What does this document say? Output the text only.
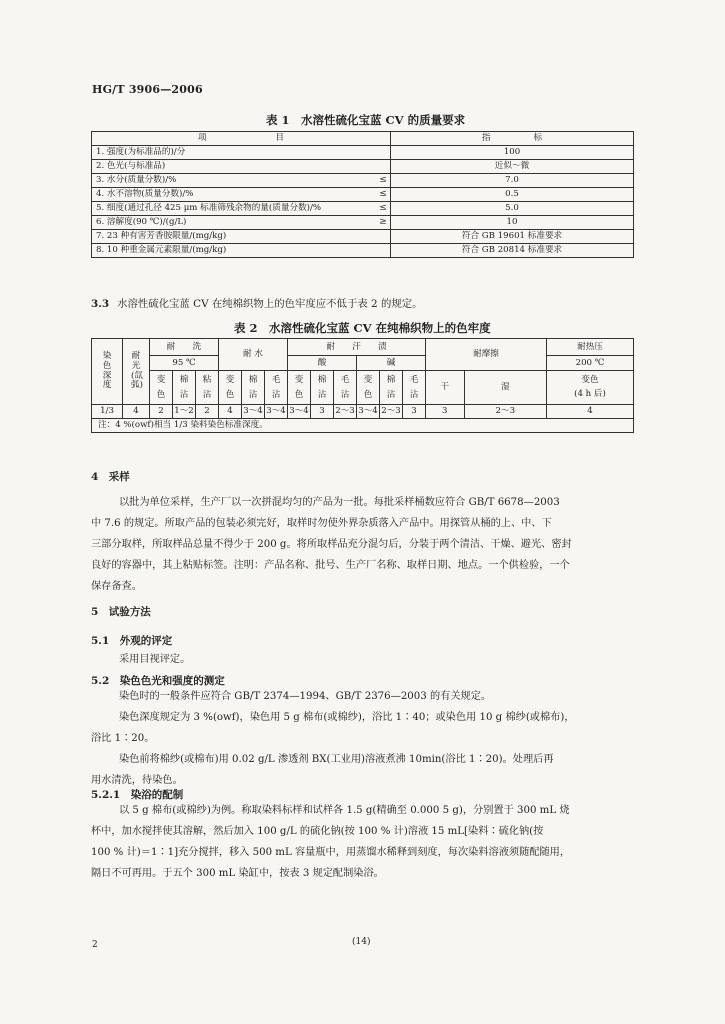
HG/T 3906—2006
表 1　水溶性硫化宝蓝 CV 的质量要求
项　　　　　　　　目		指　　　　　标
1. 强度(为标准品的)/分		100
2. 色光(与标准品)		近似～微
3. 水分(质量分数)/%	≤	7.0
4. 水不溶物(质量分数)/%	≤	0.5
5. 细度(通过孔径 425 μm 标准筛残余物的量(质量分数)/%	≤	5.0
6. 溶解度(90 ℃)/(g/L)	≥	10
7. 23 种有害芳香胺限量/(mg/kg)		符合 GB 19601 标准要求
8. 10 种重金属元素限量/(mg/kg)		符合 GB 20814 标准要求
3.3 水溶性硫化宝蓝 CV 在纯棉织物上的色牢度应不低于表 2 的规定。
表 2　水溶性硫化宝蓝 CV 在纯棉织物上的色牢度
染色深度	耐光(氙弧)	耐　　洗			耐 水			耐　　汗　　渍						耐摩擦		耐热压
		95 ℃						酸			碱					200 ℃
		变色	棉沾	粘沾	变色	棉沾	毛沾	变色	棉沾	毛沾	变色	棉沾	毛沾	干	湿	变色
(4 h 后)
1/3	4	2	1～2	2	4	3～4	3～4	3～4	3	2～3	3～4	2～3	3	3	2～3	4
注：4 %(owf)相当 1/3 染料染色标准深度。																
4　采样
以批为单位采样，生产厂以一次拼混均匀的产品为一批。每批采样桶数应符合 GB/T 6678—2003
中 7.6 的规定。所取产品的包装必须完好，取样时勿使外界杂质落入产品中。用探管从桶的上、中、下
三部分取样，所取样品总量不得少于 200 g。将所取样品充分混匀后，分装于两个清洁、干燥、避光、密封
良好的容器中，其上粘贴标签。注明：产品名称、批号、生产厂名称、取样日期、地点。一个供检验，一个
保存备查。
5　试验方法
5.1　外观的评定
采用目视评定。
5.2　染色色光和强度的测定
染色时的一般条件应符合 GB/T 2374—1994、GB/T 2376—2003 的有关规定。
染色深度规定为 3 %(owf)，染色用 5 g 棉布(或棉纱)，浴比 1∶40；或染色用 10 g 棉纱(或棉布)，
浴比 1∶20。
染色前将棉纱(或棉布)用 0.02 g/L 渗透剂 BX(工业用)溶液煮沸 10min(浴比 1∶20)。处理后再
用水清洗，待染色。
5.2.1　染浴的配制
以 5 g 棉布(或棉纱)为例。称取染料标样和试样各 1.5 g(精确至 0.000 5 g)，分别置于 300 mL 烧
杯中，加水搅拌使其溶解，然后加入 100 g/L 的硫化钠(按 100 % 计)溶液 15 mL[染料∶硫化钠(按
100 % 计)＝1∶1]充分搅拌，移入 500 mL 容量瓶中，用蒸馏水稀释到刻度，每次染料溶液须随配随用，
隔日不可再用。于五个 300 mL 染缸中，按表 3 规定配制染浴。
2	(14)
